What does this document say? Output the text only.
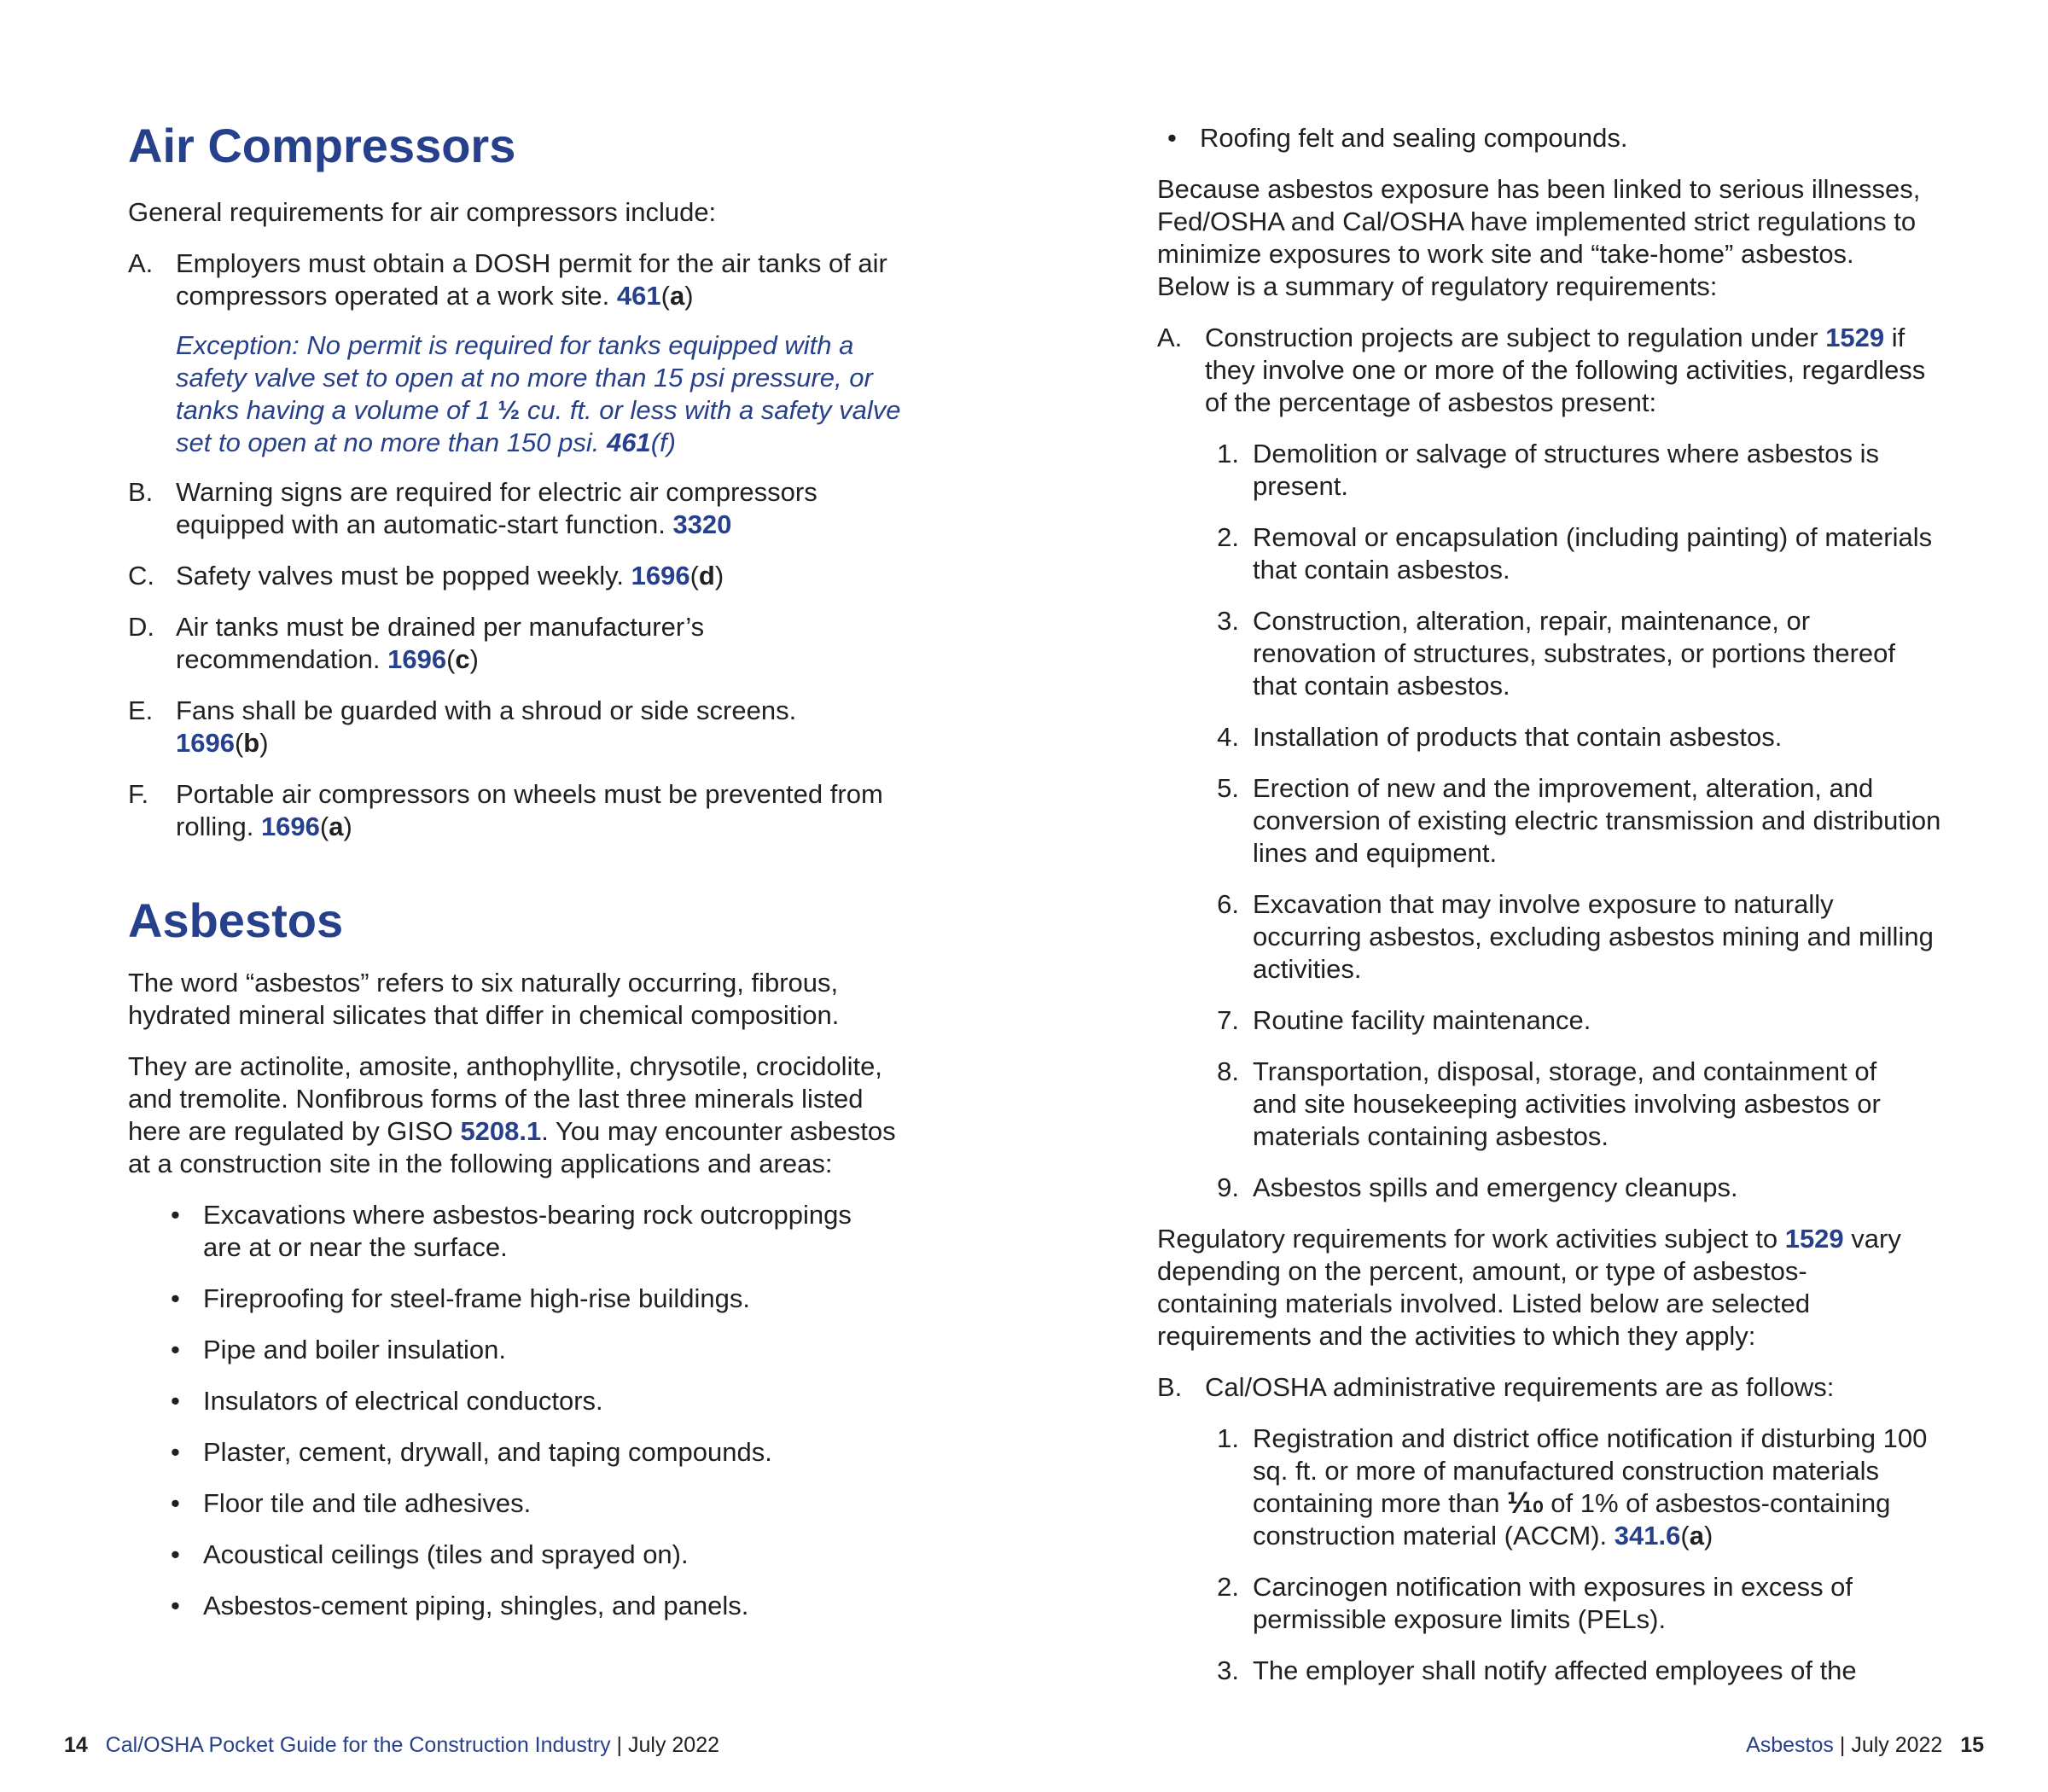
Air Compressors

General requirements for air compressors include:

A. Employers must obtain a DOSH permit for the air tanks of air compressors operated at a work site. 461(a)
Exception: No permit is required for tanks equipped with a safety valve set to open at no more than 15 psi pressure, or tanks having a volume of 1 ½ cu. ft. or less with a safety valve set to open at no more than 150 psi. 461(f)
B. Warning signs are required for electric air compressors equipped with an automatic-start function. 3320
C. Safety valves must be popped weekly. 1696(d)
D. Air tanks must be drained per manufacturer’s recommendation. 1696(c)
E. Fans shall be guarded with a shroud or side screens. 1696(b)
F.	Portable air compressors on wheels must be prevented from rolling. 1696(a)
Asbestos

The word “asbestos” refers to six naturally occurring, fibrous, hydrated mineral silicates that differ in chemical composition.

They are actinolite, amosite, anthophyllite, chrysotile, crocidolite, and tremolite. Nonfibrous forms of the last three minerals listed here are regulated by GISO 5208.1. You may encounter asbestos at a construction site in the following applications and areas:

• Excavations where asbestos-bearing rock outcroppings are at or near the surface.
• Fireproofing for steel-frame high-rise buildings.
• Pipe and boiler insulation.
• Insulators of electrical conductors.
• Plaster, cement, drywall, and taping compounds.
• Floor tile and tile adhesives.
• Acoustical ceilings (tiles and sprayed on).
• Asbestos-cement piping, shingles, and panels.
• Roofing felt and sealing compounds.

Because asbestos exposure has been linked to serious illnesses, Fed/OSHA and Cal/OSHA have implemented strict regulations to minimize exposures to work site and “take-home” asbestos. Below is a summary of regulatory requirements:

A. Construction projects are subject to regulation under 1529 if they involve one or more of the following activities, regardless of the percentage of asbestos present:
1. Demolition or salvage of structures where asbestos is present.
2. Removal or encapsulation (including painting) of materials that contain asbestos.
3. Construction, alteration, repair, maintenance, or renovation of structures, substrates, or portions thereof that contain asbestos.
4. Installation of products that contain asbestos.
5. Erection of new and the improvement, alteration, and conversion of existing electric transmission and distribution lines and equipment.
6. Excavation that may involve exposure to naturally occurring asbestos, excluding asbestos mining and milling activities.
7. Routine facility maintenance.
8. Transportation, disposal, storage, and containment of and site housekeeping activities involving asbestos or materials containing asbestos.
9. Asbestos spills and emergency cleanups.

Regulatory requirements for work activities subject to 1529 vary depending on the percent, amount, or type of asbestos-containing materials involved. Listed below are selected requirements and the activities to which they apply:

B. Cal/OSHA administrative requirements are as follows:
1. Registration and district office notification if disturbing 100 sq. ft. or more of manufactured construction materials containing more than ⅒ of 1% of asbestos-containing construction material (ACCM). 341.6(a)
2. Carcinogen notification with exposures in excess of permissible exposure limits (PELs).
3. The employer shall notify affected employees of the
14 Cal/OSHA Pocket Guide for the Construction Industry | July 2022	Asbestos | July 2022 15
